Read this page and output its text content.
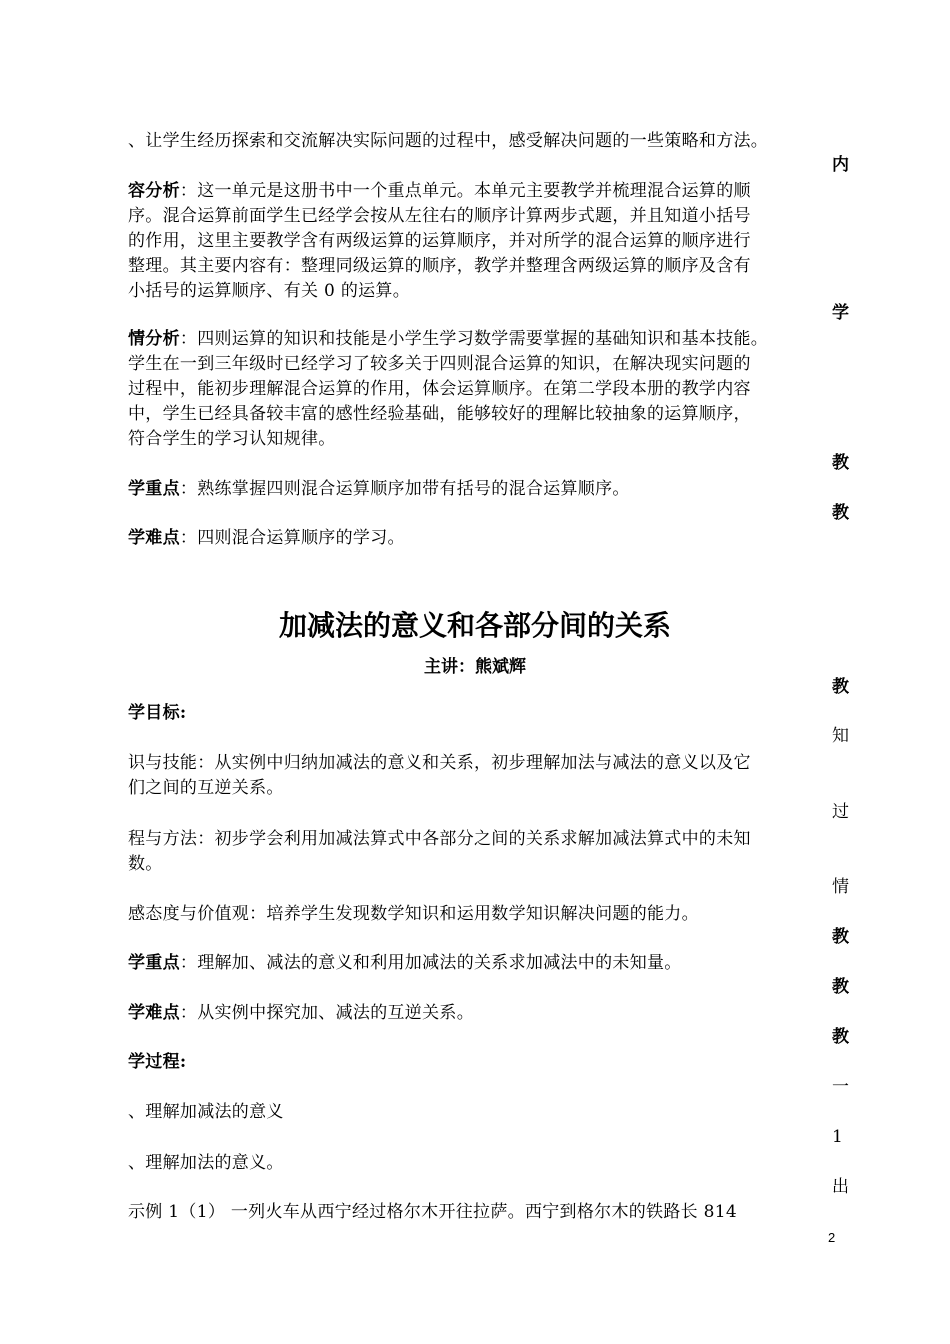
、让学生经历探索和交流解决实际问题的过程中，感受解决问题的一些策略和方法。
容分析：这一单元是这册书中一个重点单元。本单元主要教学并梳理混合运算的顺
序。混合运算前面学生已经学会按从左往右的顺序计算两步式题，并且知道小括号
的作用，这里主要教学含有两级运算的运算顺序，并对所学的混合运算的顺序进行
整理。其主要内容有：整理同级运算的顺序，教学并整理含两级运算的顺序及含有
小括号的运算顺序、有关 0 的运算。
情分析：四则运算的知识和技能是小学生学习数学需要掌握的基础知识和基本技能。
学生在一到三年级时已经学习了较多关于四则混合运算的知识，在解决现实问题的
过程中，能初步理解混合运算的作用，体会运算顺序。在第二学段本册的教学内容
中，学生已经具备较丰富的感性经验基础，能够较好的理解比较抽象的运算顺序，
符合学生的学习认知规律。
学重点：熟练掌握四则混合运算顺序加带有括号的混合运算顺序。
学难点：四则混合运算顺序的学习。
加减法的意义和各部分间的关系
主讲：熊斌辉
学目标:
识与技能：从实例中归纳加减法的意义和关系，初步理解加法与减法的意义以及它
们之间的互逆关系。
程与方法：初步学会利用加减法算式中各部分之间的关系求解加减法算式中的未知
数。
感态度与价值观：培养学生发现数学知识和运用数学知识解决问题的能力。
学重点：理解加、减法的意义和利用加减法的关系求加减法中的未知量。
学难点：从实例中探究加、减法的互逆关系。
学过程:
、理解加减法的意义
、理解加法的意义。
示例 1（1） 一列火车从西宁经过格尔木开往拉萨。西宁到格尔木的铁路长 814
内
学
教
教
教
知
过
情
教
教
教
一
1
出
2
